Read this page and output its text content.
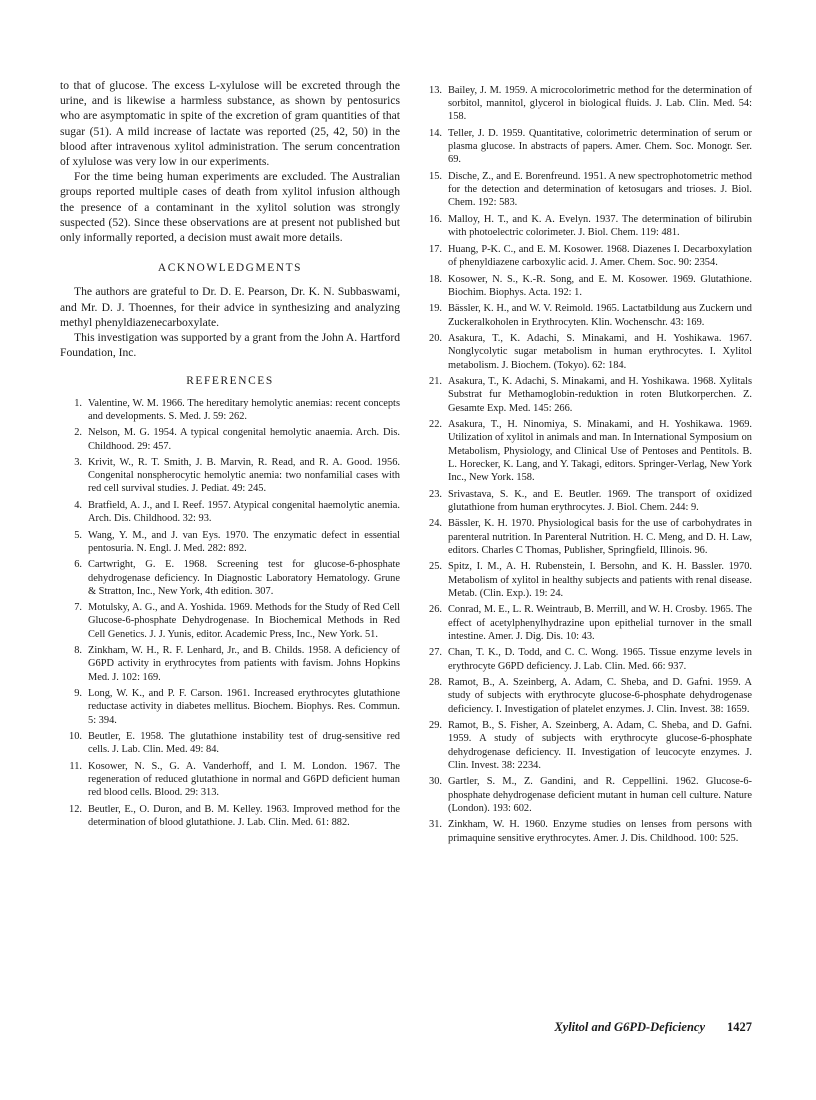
to that of glucose. The excess L-xylulose will be excreted through the urine, and is likewise a harmless substance, as shown by pentosurics who are asymptomatic in spite of the excretion of gram quantities of that sugar (51). A mild increase of lactate was reported (25, 42, 50) in the blood after intravenous xylitol administration. The serum concentration of xylulose was very low in our experiments.

For the time being human experiments are excluded. The Australian groups reported multiple cases of death from xylitol infusion although the presence of a contaminant in the xylitol solution was strongly suspected (52). Since these observations are at present not published but only informally reported, a decision must await more details.

ACKNOWLEDGMENTS

The authors are grateful to Dr. D. E. Pearson, Dr. K. N. Subbaswami, and Mr. D. J. Thoennes, for their advice in synthesizing and analyzing methyl phenyldiazenecarboxylate.

This investigation was supported by a grant from the John A. Hartford Foundation, Inc.

REFERENCES
1. Valentine, W. M. 1966. The hereditary hemolytic anemias: recent concepts and developments. S. Med. J. 59: 262.
2. Nelson, M. G. 1954. A typical congenital hemolytic anaemia. Arch. Dis. Childhood. 29: 457.
3. Krivit, W., R. T. Smith, J. B. Marvin, R. Read, and R. A. Good. 1956. Congenital nonspherocytic hemolytic anemia: two nonfamilial cases with red cell survival studies. J. Pediat. 49: 245.
4. Bratfield, A. J., and I. Reef. 1957. Atypical congenital haemolytic anemia. Arch. Dis. Childhood. 32: 93.
5. Wang, Y. M., and J. van Eys. 1970. The enzymatic defect in essential pentosuria. N. Engl. J. Med. 282: 892.
6. Cartwright, G. E. 1968. Screening test for glucose-6-phosphate dehydrogenase deficiency. In Diagnostic Laboratory Hematology. Grune & Stratton, Inc., New York, 4th edition. 307.
7. Motulsky, A. G., and A. Yoshida. 1969. Methods for the Study of Red Cell Glucose-6-phosphate Dehydrogenase. In Biochemical Methods in Red Cell Genetics. J. J. Yunis, editor. Academic Press, Inc., New York. 51.
8. Zinkham, W. H., R. F. Lenhard, Jr., and B. Childs. 1958. A deficiency of G6PD activity in erythrocytes from patients with favism. Johns Hopkins Med. J. 102: 169.
9. Long, W. K., and P. F. Carson. 1961. Increased erythrocytes glutathione reductase activity in diabetes mellitus. Biochem. Biophys. Res. Commun. 5: 394.
10. Beutler, E. 1958. The glutathione instability test of drug-sensitive red cells. J. Lab. Clin. Med. 49: 84.
11. Kosower, N. S., G. A. Vanderhoff, and I. M. London. 1967. The regeneration of reduced glutathione in normal and G6PD deficient human red blood cells. Blood. 29: 313.
12. Beutler, E., O. Duron, and B. M. Kelley. 1963. Improved method for the determination of blood glutathione. J. Lab. Clin. Med. 61: 882.
13. Bailey, J. M. 1959. A microcolorimetric method for the determination of sorbitol, mannitol, glycerol in biological fluids. J. Lab. Clin. Med. 54: 158.
14. Teller, J. D. 1959. Quantitative, colorimetric determination of serum or plasma glucose. In abstracts of papers. Amer. Chem. Soc. Monogr. Ser. 69.
15. Dische, Z., and E. Borenfreund. 1951. A new spectrophotometric method for the detection and determination of ketosugars and trioses. J. Biol. Chem. 192: 583.
16. Malloy, H. T., and K. A. Evelyn. 1937. The determination of bilirubin with photoelectric colorimeter. J. Biol. Chem. 119: 481.
17. Huang, P-K. C., and E. M. Kosower. 1968. Diazenes I. Decarboxylation of phenyldiazene carboxylic acid. J. Amer. Chem. Soc. 90: 2354.
18. Kosower, N. S., K.-R. Song, and E. M. Kosower. 1969. Glutathione. Biochim. Biophys. Acta. 192: 1.
19. Bässler, K. H., and W. V. Reimold. 1965. Lactatbildung aus Zuckern und Zuckeralkoholen in Erythrocyten. Klin. Wochenschr. 43: 169.
20. Asakura, T., K. Adachi, S. Minakami, and H. Yoshikawa. 1967. Nonglycolytic sugar metabolism in human erythrocytes. I. Xylitol metabolism. J. Biochem. (Tokyo). 62: 184.
21. Asakura, T., K. Adachi, S. Minakami, and H. Yoshikawa. 1968. Xylitals Substrat fur Methamoglobin-reduktion in roten Blutkorperchen. Z. Gesamte Exp. Med. 145: 266.
22. Asakura, T., H. Ninomiya, S. Minakami, and H. Yoshikawa. 1969. Utilization of xylitol in animals and man. In International Symposium on Metabolism, Physiology, and Clinical Use of Pentoses and Pentitols. B. L. Horecker, K. Lang, and Y. Takagi, editors. Springer-Verlag, New York Inc., New York. 158.
23. Srivastava, S. K., and E. Beutler. 1969. The transport of oxidized glutathione from human erythrocytes. J. Biol. Chem. 244: 9.
24. Bässler, K. H. 1970. Physiological basis for the use of carbohydrates in parenteral nutrition. In Parenteral Nutrition. H. C. Meng, and D. H. Law, editors. Charles C Thomas, Publisher, Springfield, Illinois. 96.
25. Spitz, I. M., A. H. Rubenstein, I. Bersohn, and K. H. Bassler. 1970. Metabolism of xylitol in healthy subjects and patients with renal disease. Metab. (Clin. Exp.). 19: 24.
26. Conrad, M. E., L. R. Weintraub, B. Merrill, and W. H. Crosby. 1965. The effect of acetylphenylhydrazine upon epithelial turnover in the small intestine. Amer. J. Dig. Dis. 10: 43.
27. Chan, T. K., D. Todd, and C. C. Wong. 1965. Tissue enzyme levels in erythrocyte G6PD deficiency. J. Lab. Clin. Med. 66: 937.
28. Ramot, B., A. Szeinberg, A. Adam, C. Sheba, and D. Gafni. 1959. A study of subjects with erythrocyte glucose-6-phosphate dehydrogenase deficiency. I. Investigation of platelet enzymes. J. Clin. Invest. 38: 1659.
29. Ramot, B., S. Fisher, A. Szeinberg, A. Adam, C. Sheba, and D. Gafni. 1959. A study of subjects with erythrocyte glucose-6-phosphate dehydrogenase deficiency. II. Investigation of leucocyte enzymes. J. Clin. Invest. 38: 2234.
30. Gartler, S. M., Z. Gandini, and R. Ceppellini. 1962. Glucose-6-phosphate dehydrogenase deficient mutant in human cell culture. Nature (London). 193: 602.
31. Zinkham, W. H. 1960. Enzyme studies on lenses from persons with primaquine sensitive erythrocytes. Amer. J. Dis. Childhood. 100: 525.
Xylitol and G6PD-Deficiency 1427
